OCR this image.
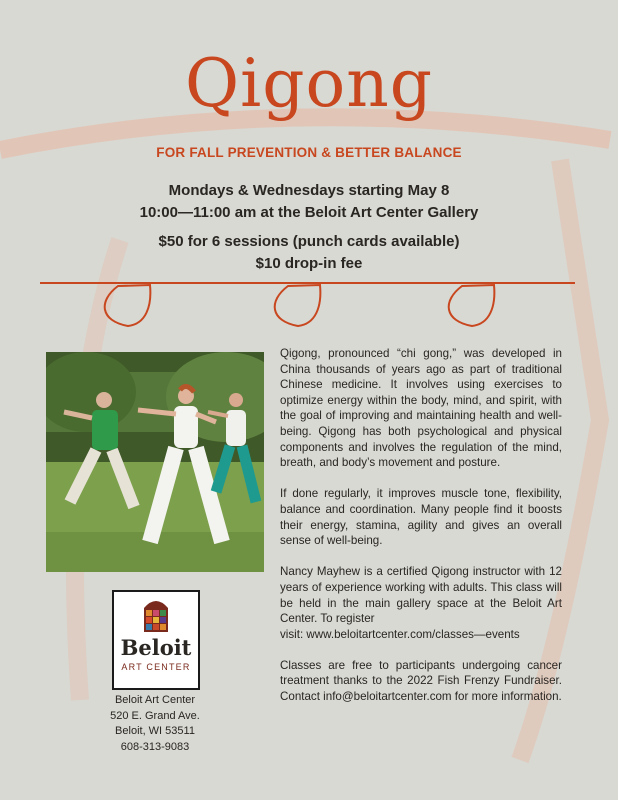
Qigong
FOR FALL PREVENTION & BETTER BALANCE
Mondays & Wednesdays starting May 8
10:00—11:00 am at the Beloit Art Center Gallery
$50 for 6 sessions (punch cards available)
$10 drop-in fee
Beloit
ART CENTER
Beloit Art Center
520 E. Grand Ave.
Beloit, WI 53511
608-313-9083

Qigong, pronounced “chi gong,” was developed in China thousands of years ago as part of traditional Chinese medicine. It involves using exercises to optimize energy within the body, mind, and spirit, with the goal of improving and maintaining health and well-being. Qigong has both psychological and physical components and involves the regulation of the mind, breath, and body’s movement and posture.

If done regularly, it improves muscle tone, flexibility, balance and coordination. Many people find it boosts their energy, stamina, agility and gives an overall sense of well-being.

Nancy Mayhew is a certified Qigong instructor with 12 years of experience working with adults. This class will be held in the main gallery space at the Beloit Art Center. To register

visit: www.beloitartcenter.com/classes—events

Classes are free to participants undergoing cancer treatment thanks to the 2022 Fish Frenzy Fundraiser. Contact info@beloitartcenter.com for more information.
